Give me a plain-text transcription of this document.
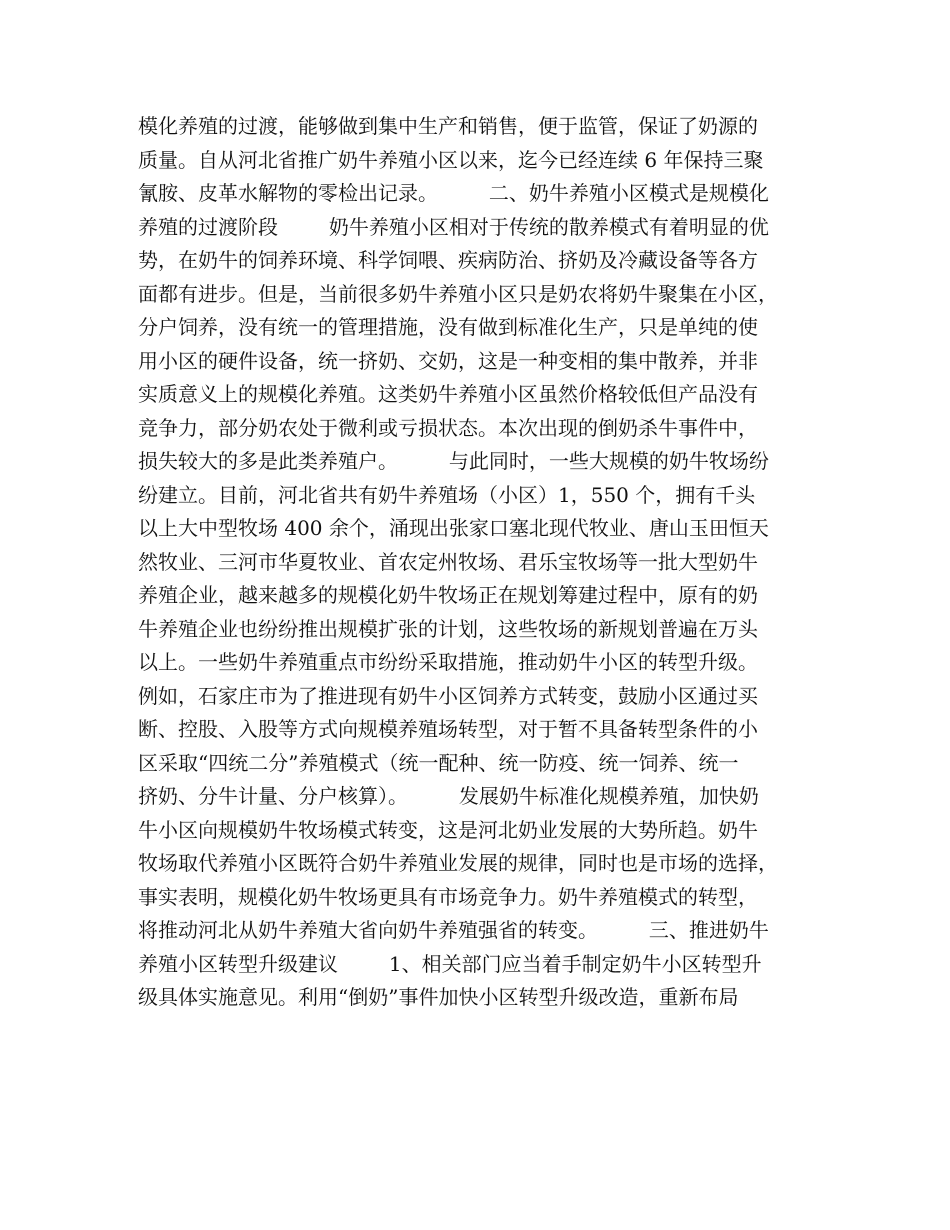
模化养殖的过渡，能够做到集中生产和销售，便于监管，保证了奶源的
质量。自从河北省推广奶牛养殖小区以来，迄今已经连续 6 年保持三聚
氰胺、皮革水解物的零检出记录。        二、奶牛养殖小区模式是规模化
养殖的过渡阶段        奶牛养殖小区相对于传统的散养模式有着明显的优
势，在奶牛的饲养环境、科学饲喂、疾病防治、挤奶及冷藏设备等各方
面都有进步。但是，当前很多奶牛养殖小区只是奶农将奶牛聚集在小区，
分户饲养，没有统一的管理措施，没有做到标准化生产，只是单纯的使
用小区的硬件设备，统一挤奶、交奶，这是一种变相的集中散养，并非
实质意义上的规模化养殖。这类奶牛养殖小区虽然价格较低但产品没有
竞争力，部分奶农处于微利或亏损状态。本次出现的倒奶杀牛事件中，
损失较大的多是此类养殖户。        与此同时，一些大规模的奶牛牧场纷
纷建立。目前，河北省共有奶牛养殖场（小区）1，550 个，拥有千头
以上大中型牧场 400 余个，涌现出张家口塞北现代牧业、唐山玉田恒天
然牧业、三河市华夏牧业、首农定州牧场、君乐宝牧场等一批大型奶牛
养殖企业，越来越多的规模化奶牛牧场正在规划筹建过程中，原有的奶
牛养殖企业也纷纷推出规模扩张的计划，这些牧场的新规划普遍在万头
以上。一些奶牛养殖重点市纷纷采取措施，推动奶牛小区的转型升级。
例如，石家庄市为了推进现有奶牛小区饲养方式转变，鼓励小区通过买
断、控股、入股等方式向规模养殖场转型，对于暂不具备转型条件的小
区采取“四统二分”养殖模式（统一配种、统一防疫、统一饲养、统一
挤奶、分牛计量、分户核算）。        发展奶牛标准化规模养殖，加快奶
牛小区向规模奶牛牧场模式转变，这是河北奶业发展的大势所趋。奶牛
牧场取代养殖小区既符合奶牛养殖业发展的规律，同时也是市场的选择，
事实表明，规模化奶牛牧场更具有市场竞争力。奶牛养殖模式的转型，
将推动河北从奶牛养殖大省向奶牛养殖强省的转变。        三、推进奶牛
养殖小区转型升级建议        1、相关部门应当着手制定奶牛小区转型升
级具体实施意见。利用“倒奶”事件加快小区转型升级改造，重新布局
